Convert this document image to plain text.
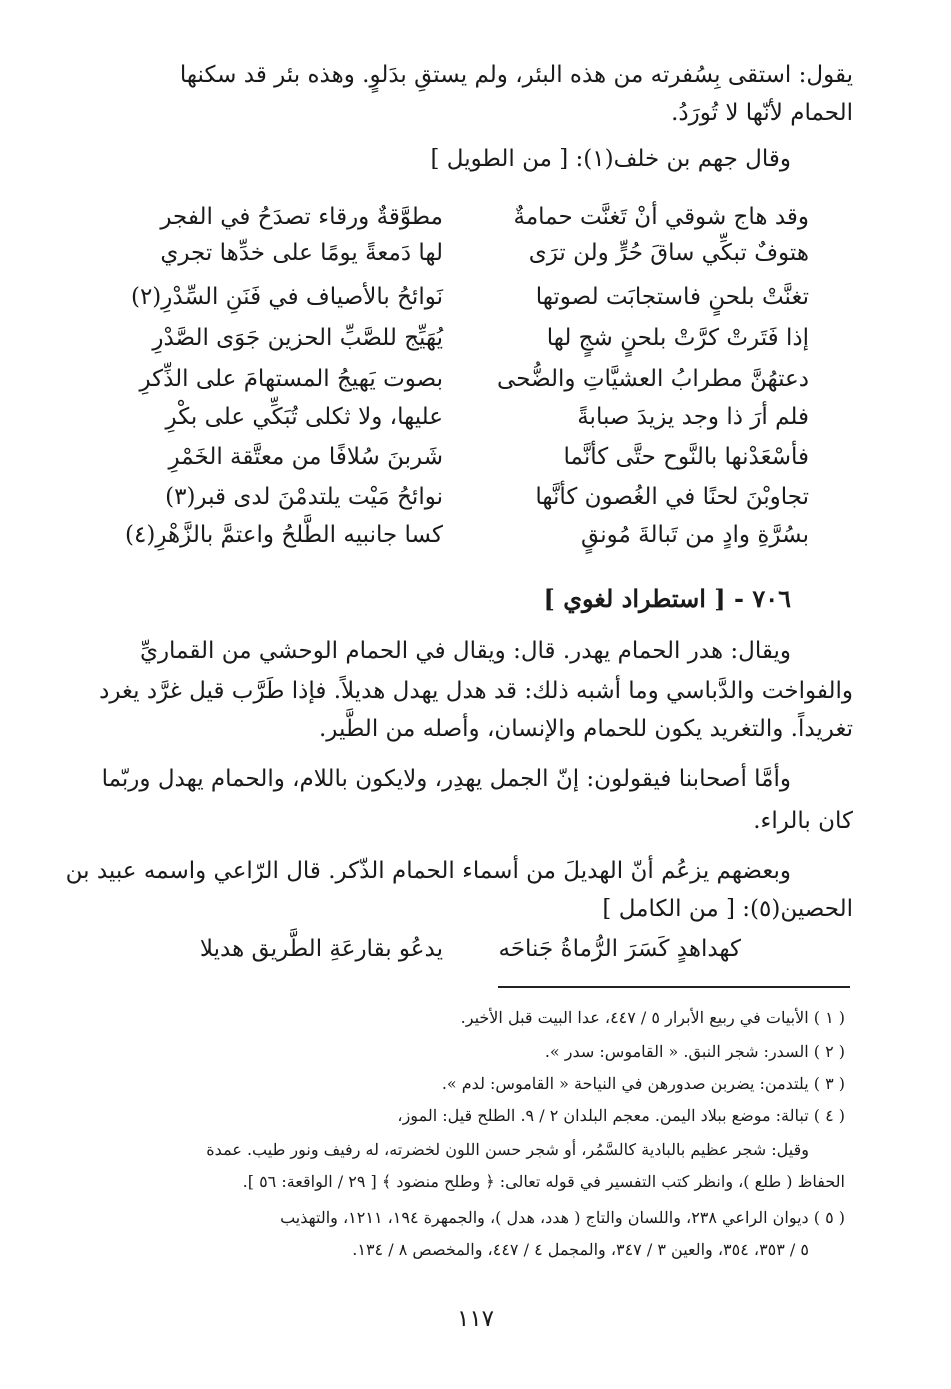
يقول: استقى بِسُفرته من هذه البئر، ولم يستقِ بدَلوٍ. وهذه بئر قد سكنها
الحمام لأنّها لا تُورَدُ.
وقال جهم بن خلف(١): [ من الطويل ]
وقد هاج شوقي أنْ تَغنَّت حمامةٌ
هتوفٌ تبكِّي ساقَ حُرٍّ ولن ترَى
تغنَّتْ بلحنٍ فاستجابَت لصوتها
إذا فَتَرتْ كرَّتْ بلحنٍ شجٍ لها
دعتهُنَّ مطرابُ العشيَّاتِ والضُّحى
فلم أرَ ذا وجد يزيدَ صبابةً
فأسْعَدْنها بالنَّوح حتَّى كأنَّما
تجاوبْنَ لحنًا في الغُصون كأنَّها
بسُرَّةِ وادٍ من تَبالةَ مُونقٍ
مطوَّقةٌ ورقاء تصدَحُ في الفجر
لها دَمعةً يومًا على خدِّها تجري
نَوائحُ بالأصياف في فَنَنِ السِّدْرِ(٢)
يُهَيِّج للصَّبِّ الحزين جَوَى الصَّدْرِ
بصوت يَهيجُ المستهامَ على الذِّكرِ
عليها، ولا ثكلى تُبَكِّي على بكْرِ
شَربنَ سُلافًا من معتَّقة الخَمْرِ
نوائحُ مَيْت يلتدمْنَ لدى قبر(٣)
كسا جانبيه الطَّلحُ واعتمَّ بالزَّهْرِ(٤)
٧٠٦ - [ استطراد لغوي ]
ويقال: هدر الحمام يهدر. قال: ويقال في الحمام الوحشي من القماريِّ
والفواخت والدَّباسي وما أشبه ذلك: قد هدل يهدل هديلاً. فإذا طَرَّب قيل غرَّد يغرد
تغريداً. والتغريد يكون للحمام والإنسان، وأصله من الطَّير.
وأمَّا أصحابنا فيقولون: إنّ الجمل يهدِر، ولايكون باللام، والحمام يهدل وربّما
كان بالراء.
وبعضهم يزعُم أنّ الهديلَ من أسماء الحمام الذّكر. قال الرّاعي واسمه عبيد بن
الحصين(٥): [ من الكامل ]
كهداهدٍ كَسَرَ الرُّماةُ جَناحَه
يدعُو بقارعَةِ الطَّريق هديلا
( ١ ) الأبيات في ربيع الأبرار ٥ / ٤٤٧، عدا البيت قبل الأخير.
( ٢ ) السدر: شجر النبق. « القاموس: سدر ».
( ٣ ) يلتدمن: يضربن صدورهن في النياحة « القاموس: لدم ».
( ٤ ) تبالة: موضع ببلاد اليمن. معجم البلدان ٢ / ٩. الطلح قيل: الموز،
وقيل: شجر عظيم بالبادية كالسَّمُر، أو شجر حسن اللون لخضرته، له رفيف ونور طيب. عمدة
الحفاظ ( طلع )، وانظر كتب التفسير في قوله تعالى: ﴿ وطلح منضود ﴾ [ ٢٩ / الواقعة: ٥٦ ].
( ٥ ) ديوان الراعي ٢٣٨، واللسان والتاج ( هدد، هدل )، والجمهرة ١٩٤، ١٢١١، والتهذيب
٥ / ٣٥٣، ٣٥٤، والعين ٣ / ٣٤٧، والمجمل ٤ / ٤٤٧، والمخصص ٨ / ١٣٤.
١١٧
